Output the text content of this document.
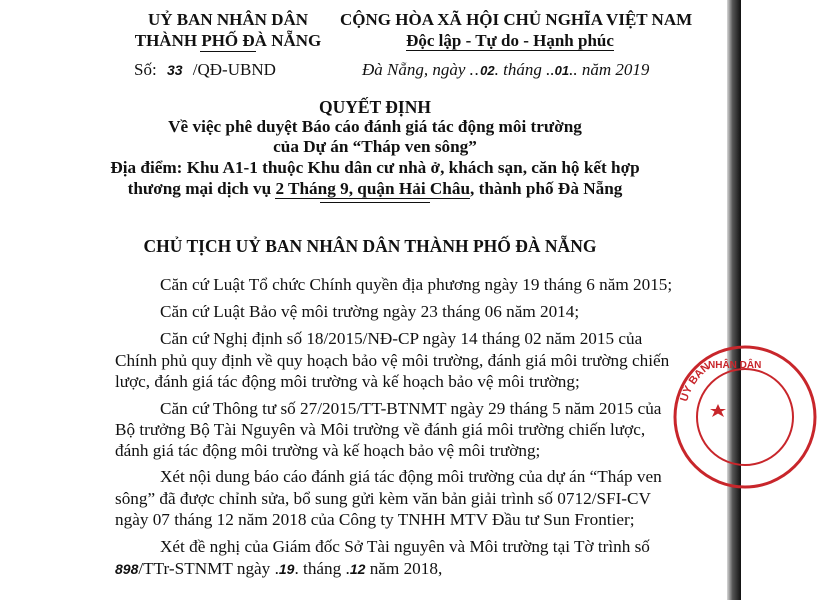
UỶ BAN NHÂN DÂN
THÀNH PHỐ ĐÀ NẴNG
Số: 33 /QĐ-UBND
CỘNG HÒA XÃ HỘI CHỦ NGHĨA VIỆT NAM
Độc lập - Tự do - Hạnh phúc
Đà Nẵng, ngày ..02. tháng ..01.. năm 2019
QUYẾT ĐỊNH
Về việc phê duyệt Báo cáo đánh giá tác động môi trường
của Dự án “Tháp ven sông”
Địa điểm: Khu A1-1 thuộc Khu dân cư nhà ở, khách sạn, căn hộ kết hợp
thương mại dịch vụ 2 Tháng 9, quận Hải Châu, thành phố Đà Nẵng
CHỦ TỊCH UỶ BAN NHÂN DÂN THÀNH PHỐ ĐÀ NẴNG
Căn cứ Luật Tổ chức Chính quyền địa phương ngày 19 tháng 6 năm 2015;
Căn cứ Luật Bảo vệ môi trường ngày 23 tháng 06 năm 2014;
Căn cứ Nghị định số 18/2015/NĐ-CP ngày 14 tháng 02 năm 2015 của
Chính phủ quy định về quy hoạch bảo vệ môi trường, đánh giá môi trường chiến
lược, đánh giá tác động môi trường và kế hoạch bảo vệ môi trường;
Căn cứ Thông tư số 27/2015/TT-BTNMT ngày 29 tháng 5 năm 2015 của
Bộ trưởng Bộ Tài Nguyên và Môi trường về đánh giá môi trường chiến lược,
đánh giá tác động môi trường và kế hoạch bảo vệ môi trường;
Xét nội dung báo cáo đánh giá tác động môi trường của dự án “Tháp ven
sông” đã được chỉnh sửa, bổ sung gửi kèm văn bản giải trình số 0712/SFI-CV
ngày 07 tháng 12 năm 2018 của Công ty TNHH MTV Đầu tư Sun Frontier;
Xét đề nghị của Giám đốc Sở Tài nguyên và Môi trường tại Tờ trình số
898/TTr-STNMT ngày .19. tháng .12 năm 2018,
UỶ BAN
NHÂN DÂN
